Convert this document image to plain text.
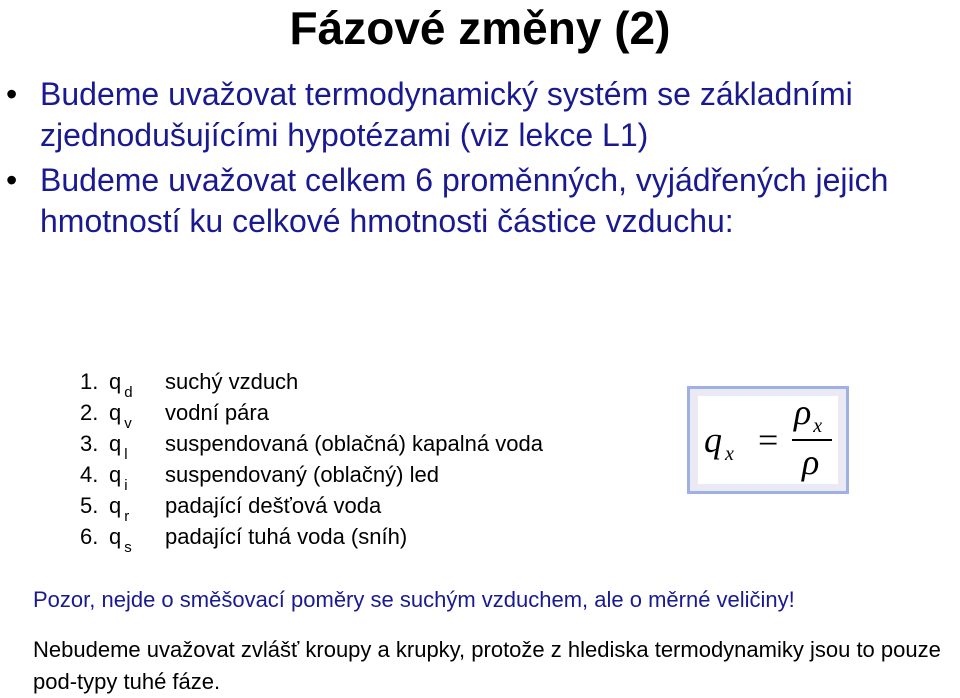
Fázové změny (2)
• Budeme uvažovat termodynamický systém se základními zjednodušujícími hypotézami (viz lekce L1)
• Budeme uvažovat celkem 6 proměnných, vyjádřených jejich hmotností ku celkové hmotnosti částice vzduchu:
1. q $_d$ suchý vzduch
2. q $_v$ vodní pára
3. q $_l$ suspendovaná (oblačná) kapalná voda
4. q $_i$ suspendovaný (oblačný) led
5. q $_r$ padající dešťová voda
6. q $_s$ padající tuhá voda (sníh)
q $_x$ =
ρ $_x$
ρ
Pozor, nejde o směšovací poměry se suchým vzduchem, ale o měrné veličiny!
Nebudeme uvažovat zvlášť kroupy a krupky, protože z hlediska termodynamiky jsou to pouze pod-typy tuhé fáze.
